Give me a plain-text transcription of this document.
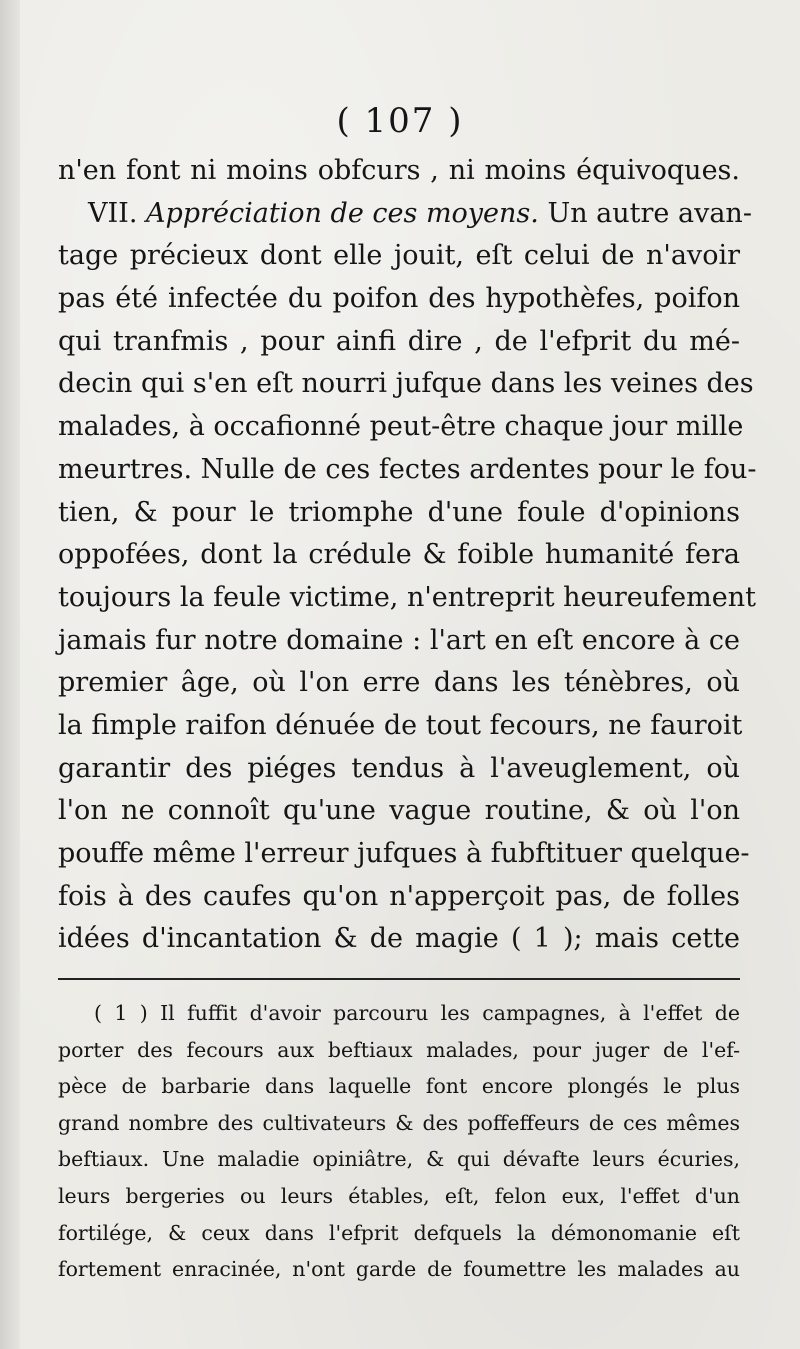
( 107 )
n'en font ni moins obfcurs , ni moins équivoques.
VII. Appréciation de ces moyens. Un autre avan-
tage précieux dont elle jouit, eſt celui de n'avoir
pas été infectée du poifon des hypothèfes, poifon
qui tranfmis , pour ainfi dire , de l'efprit du mé-
decin qui s'en eſt nourri jufque dans les veines des
malades, à occafionné peut-être chaque jour mille
meurtres. Nulle de ces fectes ardentes pour le fou-
tien, & pour le triomphe d'une foule d'opinions
oppofées, dont la crédule & foible humanité fera
toujours la feule victime, n'entreprit heureufement
jamais fur notre domaine : l'art en eſt encore à ce
premier âge, où l'on erre dans les ténèbres, où
la fimple raifon dénuée de tout fecours, ne fauroit
garantir des piéges tendus à l'aveuglement, où
l'on ne connoît qu'une vague routine, & où l'on
pouffe même l'erreur jufques à fubftituer quelque-
fois à des caufes qu'on n'apperçoit pas, de folles
idées d'incantation & de magie ( 1 ); mais cette
( 1 ) Il fuffit d'avoir parcouru les campagnes, à l'effet de
porter des fecours aux beftiaux malades, pour juger de l'ef-
pèce de barbarie dans laquelle font encore plongés le plus
grand nombre des cultivateurs & des poffeffeurs de ces mêmes
beftiaux. Une maladie opiniâtre, & qui dévafte leurs écuries,
leurs bergeries ou leurs étables, eſt, felon eux, l'effet d'un
fortilége, & ceux dans l'efprit defquels la démonomanie eſt
fortement enracinée, n'ont garde de foumettre les malades au
